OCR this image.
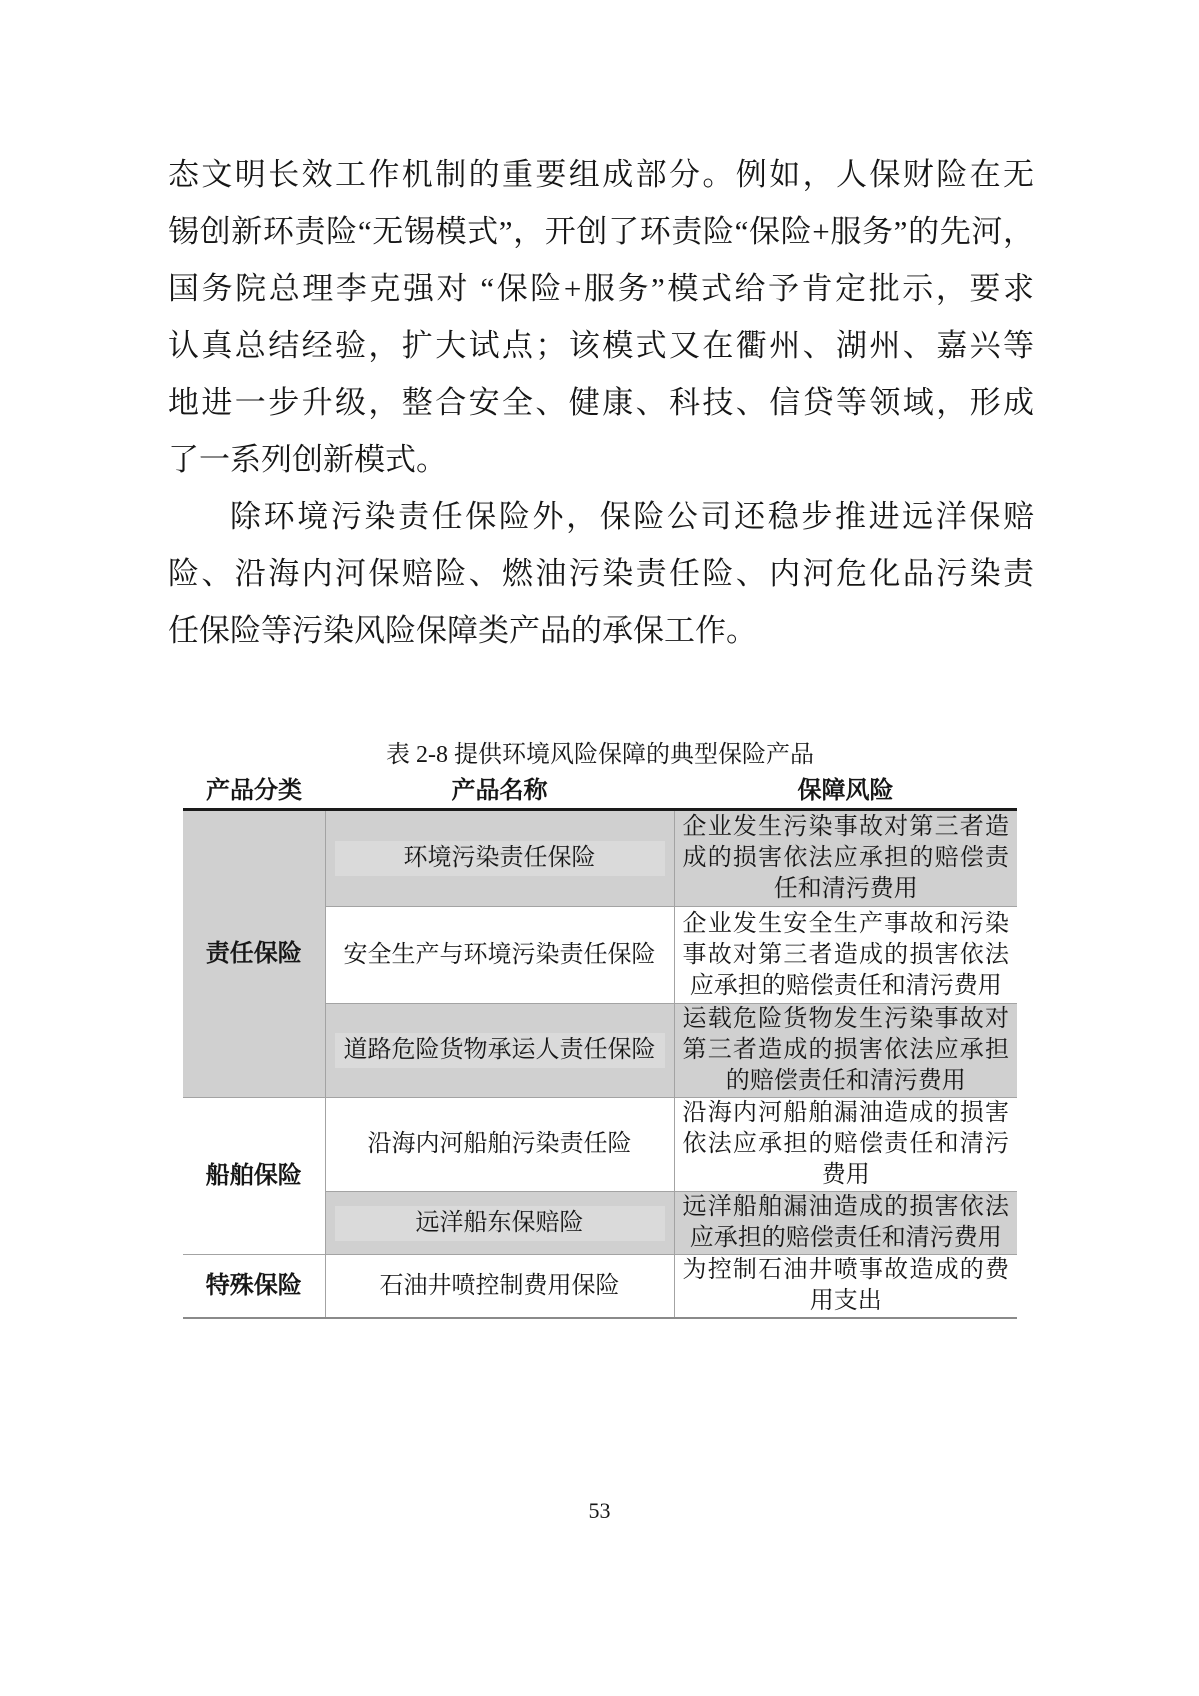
态文明长效工作机制的重要组成部分。例如，人保财险在无
锡创新环责险“无锡模式”，开创了环责险“保险+服务”的先河，
国务院总理李克强对 “保险+服务”模式给予肯定批示，要求
认真总结经验，扩大试点；该模式又在衢州、湖州、嘉兴等
地进一步升级，整合安全、健康、科技、信贷等领域，形成
了一系列创新模式。
除环境污染责任保险外，保险公司还稳步推进远洋保赔
险、沿海内河保赔险、燃油污染责任险、内河危化品污染责
任保险等污染风险保障类产品的承保工作。
表 2-8 提供环境风险保障的典型保险产品
产品分类	产品名称	保障风险
责任保险	环境污染责任保险	企业发生污染事故对第三者造成的损害依法应承担的赔偿责任和清污费用

	安全生产与环境污染责任保险	企业发生安全生产事故和污染事故对第三者造成的损害依法应承担的赔偿责任和清污费用

	道路危险货物承运人责任保险	运载危险货物发生污染事故对第三者造成的损害依法应承担的赔偿责任和清污费用
船舶保险	沿海内河船舶污染责任险	沿海内河船舶漏油造成的损害依法应承担的赔偿责任和清污费用

	远洋船东保赔险	远洋船舶漏油造成的损害依法应承担的赔偿责任和清污费用
特殊保险	石油井喷控制费用保险	为控制石油井喷事故造成的费用支出
53
